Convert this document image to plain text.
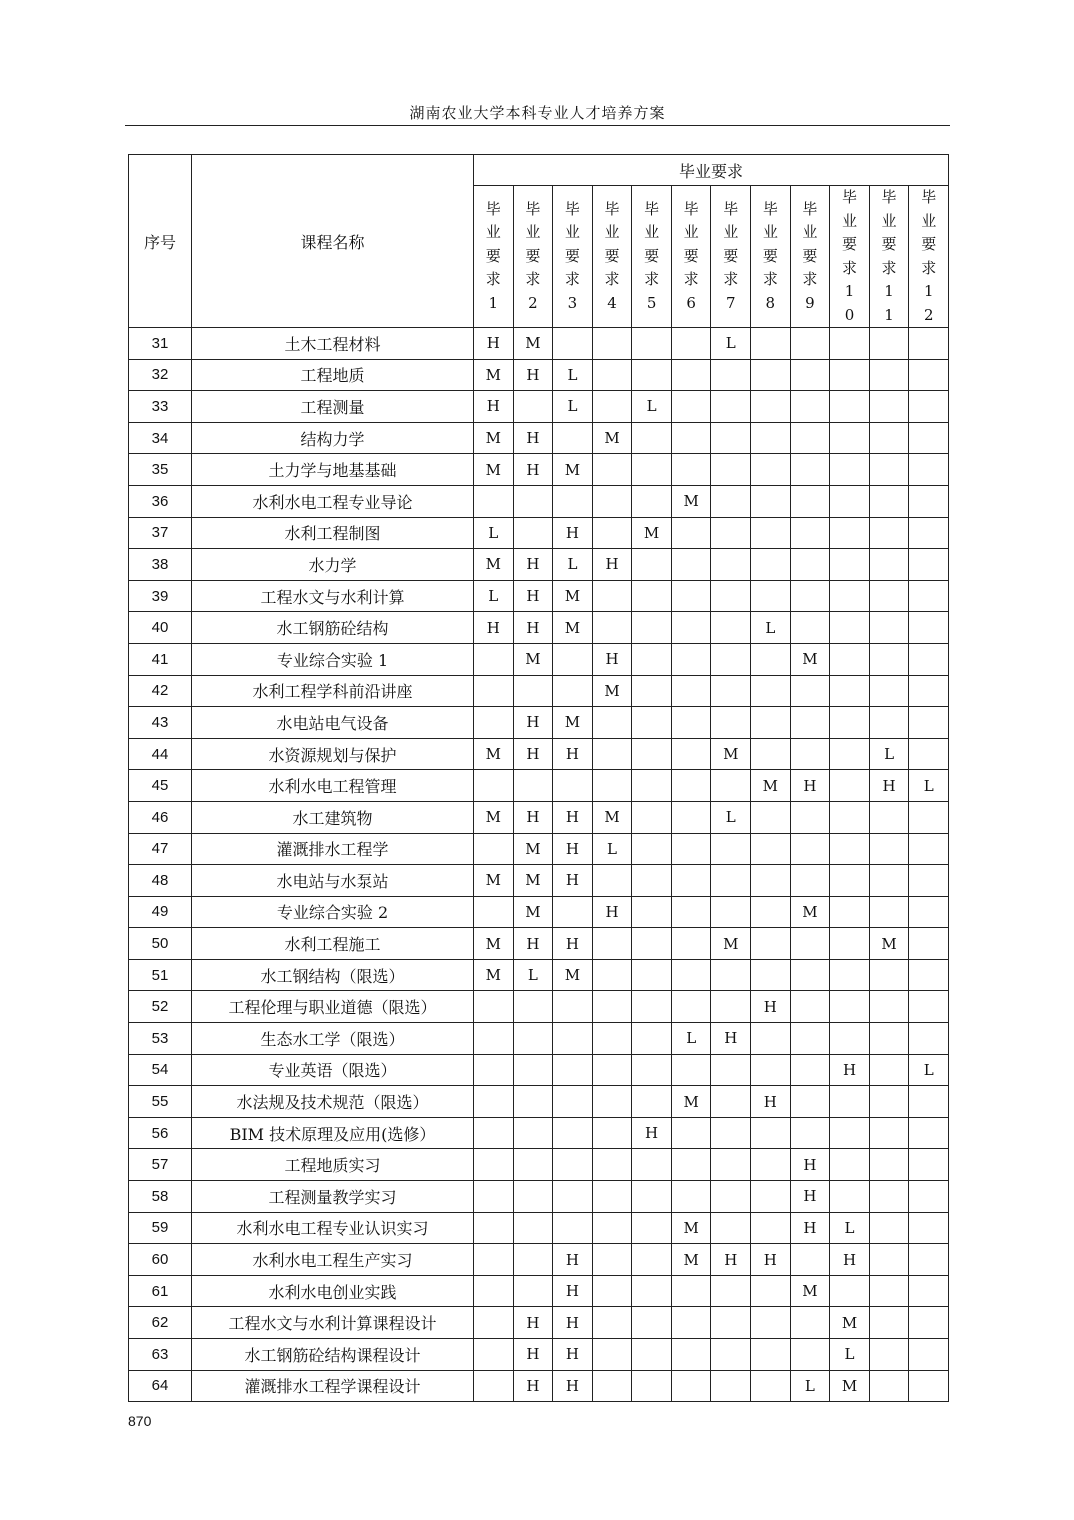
湖南农业大学本科专业人才培养方案
序号	课程名称	毕业要求											
		毕业要求1	毕业要求2	毕业要求3	毕业要求4	毕业要求5	毕业要求6	毕业要求7	毕业要求8	毕业要求9	毕业要求10	毕业要求11	毕业要求12
31	土木工程材料	H	M					L					
32	工程地质	M	H	L									
33	工程测量	H		L		L							
34	结构力学	M	H		M								
35	土力学与地基基础	M	H	M									
36	水利水电工程专业导论						M						
37	水利工程制图	L		H		M							
38	水力学	M	H	L	H								
39	工程水文与水利计算	L	H	M									
40	水工钢筋砼结构	H	H	M					L				
41	专业综合实验 1		M		H					M			
42	水利工程学科前沿讲座				M								
43	水电站电气设备		H	M									
44	水资源规划与保护	M	H	H				M				L	
45	水利水电工程管理								M	H		H	L
46	水工建筑物	M	H	H	M			L					
47	灌溉排水工程学		M	H	L								
48	水电站与水泵站	M	M	H									
49	专业综合实验 2		M		H					M			
50	水利工程施工	M	H	H				M				M	
51	水工钢结构（限选）	M	L	M									
52	工程伦理与职业道德（限选）								H				
53	生态水工学（限选）						L	H					
54	专业英语（限选）										H		L
55	水法规及技术规范（限选）						M		H				
56	BIM 技术原理及应用(选修）					H							
57	工程地质实习									H			
58	工程测量教学实习									H			
59	水利水电工程专业认识实习						M			H	L		
60	水利水电工程生产实习			H			M	H	H		H		
61	水利水电创业实践			H						M			
62	工程水文与水利计算课程设计		H	H							M		
63	水工钢筋砼结构课程设计		H	H							L		
64	灌溉排水工程学课程设计		H	H						L	M		
870
